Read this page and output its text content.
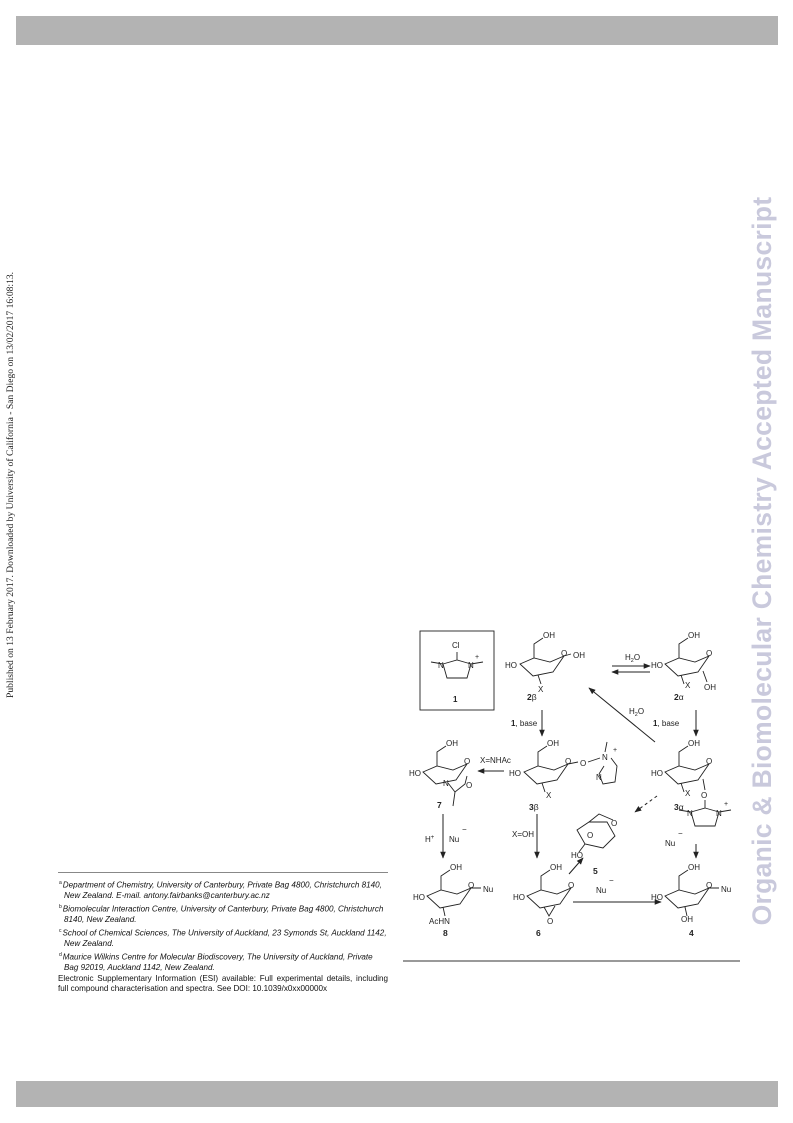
Published on 13 February 2017. Downloaded by University of California - San Diego on 13/02/2017 16:08:13.	Organic & Biomolecular Chemistry Accepted Manuscript
Cl
N	N
+
1
OH
HO
X
O OH
OH
HO
O
X OH
OH
HO
O O
X
N
+
N
OH
HO
O
X O
N	N
+
OH
HO
O
N O
OH
HO
O Nu
AcHN
OH
HO
O
O
O
O
HO
OH
HO
O Nu
OH
$H_2O$
$H_2O$
1, base	1, base
X=NHAc
X=OH
H+ Nu
−
Nu
−
Nu
−
2β	2α
3β	3α
7
5
8	6	4
$^a$Department of Chemistry, University of Canterbury, Private Bag 4800, Christchurch 8140, New Zealand. E-mail. antony.fairbanks@canterbury.ac.nz
$^b$Biomolecular Interaction Centre, University of Canterbury, Private Bag 4800, Christchurch 8140, New Zealand.
$^c$School of Chemical Sciences, The University of Auckland, 23 Symonds St, Auckland 1142, New Zealand.
$^d$Maurice Wilkins Centre for Molecular Biodiscovery, The University of Auckland, Private Bag 92019, Auckland 1142, New Zealand.
Electronic Supplementary Information (ESI) available: Full experimental details, including full compound characterisation and spectra. See DOI: 10.1039/x0xx00000x
